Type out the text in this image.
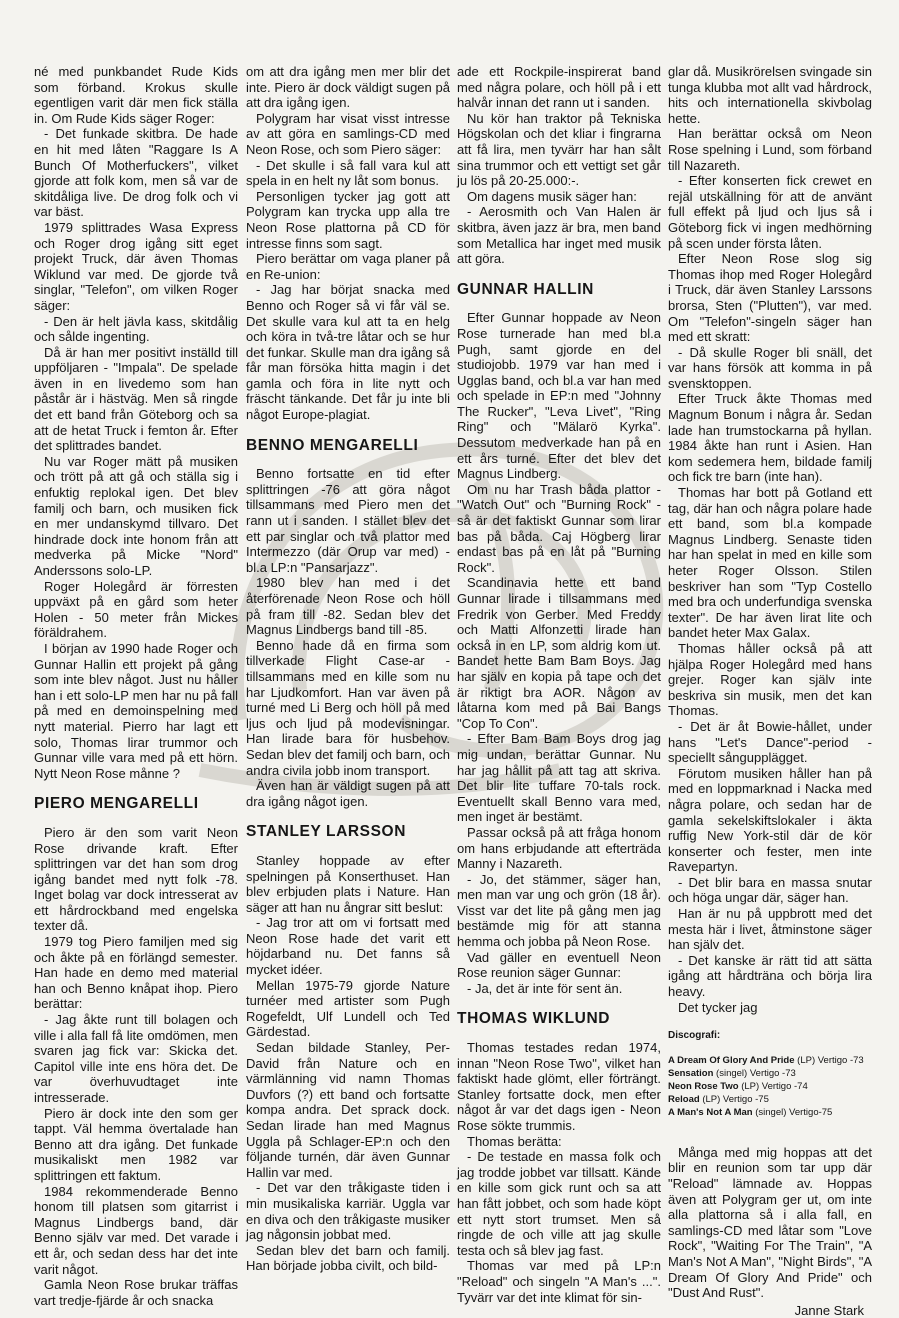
né med punkbandet Rude Kids som förband. Krokus skulle egentligen varit där men fick ställa in. Om Rude Kids säger Roger:

- Det funkade skitbra. De hade en hit med låten "Raggare Is A Bunch Of Motherfuckers", vilket gjorde att folk kom, men så var de skitdåliga live. De drog folk och vi var bäst.

1979 splittrades Wasa Express och Roger drog igång sitt eget projekt Truck, där även Thomas Wiklund var med. De gjorde två singlar, "Telefon", om vilken Roger säger:

- Den är helt jävla kass, skitdålig och sålde ingenting.

Då är han mer positivt inställd till uppföljaren - "Impala". De spelade även in en livedemo som han påstår är i hästväg. Men så ringde det ett band från Göteborg och sa att de hetat Truck i femton år. Efter det splittrades bandet.

Nu var Roger mätt på musiken och trött på att gå och ställa sig i enfuktig replokal igen. Det blev familj och barn, och musiken fick en mer undanskymd tillvaro. Det hindrade dock inte honom från att medverka på Micke "Nord" Anderssons solo-LP.

Roger Holegård är förresten uppväxt på en gård som heter Holen - 50 meter från Mickes föräldrahem.

I början av 1990 hade Roger och Gunnar Hallin ett projekt på gång som inte blev något. Just nu håller han i ett solo-LP men har nu på fall på med en demoinspelning med nytt material. Pierro har lagt ett solo, Thomas lirar trummor och Gunnar ville vara med på ett hörn. Nytt Neon Rose månne ?

PIERO MENGARELLI

Piero är den som varit Neon Rose drivande kraft. Efter splittringen var det han som drog igång bandet med nytt folk -78. Inget bolag var dock intresserat av ett hårdrockband med engelska texter då.

1979 tog Piero familjen med sig och åkte på en förlängd semester. Han hade en demo med material han och Benno knåpat ihop. Piero berättar:

- Jag åkte runt till bolagen och ville i alla fall få lite omdömen, men svaren jag fick var: Skicka det. Capitol ville inte ens höra det. De var överhuvudtaget inte intresserade.

Piero är dock inte den som ger tappt. Väl hemma övertalade han Benno att dra igång. Det funkade musikaliskt men 1982 var splittringen ett faktum.

1984 rekommenderade Benno honom till platsen som gitarrist i Magnus Lindbergs band, där Benno själv var med. Det varade i ett år, och sedan dess har det inte varit något.

Gamla Neon Rose brukar träffas vart tredje-fjärde år och snacka

om att dra igång men mer blir det inte. Piero är dock väldigt sugen på att dra igång igen.

Polygram har visat visst intresse av att göra en samlings-CD med Neon Rose, och som Piero säger:

- Det skulle i så fall vara kul att spela in en helt ny låt som bonus.

Personligen tycker jag gott att Polygram kan trycka upp alla tre Neon Rose plattorna på CD för intresse finns som sagt.

Piero berättar om vaga planer på en Re-union:

- Jag har börjat snacka med Benno och Roger så vi får väl se. Det skulle vara kul att ta en helg och köra in två-tre låtar och se hur det funkar. Skulle man dra igång så får man försöka hitta magin i det gamla och föra in lite nytt och fräscht tänkande. Det får ju inte bli något Europe-plagiat.

BENNO MENGARELLI

Benno fortsatte en tid efter splittringen -76 att göra något tillsammans med Piero men det rann ut i sanden. I stället blev det ett par singlar och två plattor med Intermezzo (där Orup var med) - bl.a LP:n "Pansarjazz".

1980 blev han med i det återförenade Neon Rose och höll på fram till -82. Sedan blev det Magnus Lindbergs band till -85.

Benno hade då en firma som tillverkade Flight Case-ar - tillsammans med en kille som nu har Ljudkomfort. Han var även på turné med Li Berg och höll på med ljus och ljud på modevisningar. Han lirade bara för husbehov. Sedan blev det familj och barn, och andra civila jobb inom transport.

Även han är väldigt sugen på att dra igång något igen.

STANLEY LARSSON

Stanley hoppade av efter spelningen på Konserthuset. Han blev erbjuden plats i Nature. Han säger att han nu ångrar sitt beslut:

- Jag tror att om vi fortsatt med Neon Rose hade det varit ett höjdarband nu. Det fanns så mycket idéer.

Mellan 1975-79 gjorde Nature turnéer med artister som Pugh Rogefeldt, Ulf Lundell och Ted Gärdestad.

Sedan bildade Stanley, Per-David från Nature och en värmlänning vid namn Thomas Duvfors (?) ett band och fortsatte kompa andra. Det sprack dock. Sedan lirade han med Magnus Uggla på Schlager-EP:n och den följande turnén, där även Gunnar Hallin var med.

- Det var den tråkigaste tiden i min musikaliska karriär. Uggla var en diva och den tråkigaste musiker jag någonsin jobbat med.

Sedan blev det barn och familj. Han började jobba civilt, och bild-

ade ett Rockpile-inspirerat band med några polare, och höll på i ett halvår innan det rann ut i sanden.

Nu kör han traktor på Tekniska Högskolan och det kliar i fingrarna att få lira, men tyvärr har han sålt sina trummor och ett vettigt set går ju lös på 20-25.000:-.

Om dagens musik säger han:

- Aerosmith och Van Halen är skitbra, även jazz är bra, men band som Metallica har inget med musik att göra.

GUNNAR HALLIN

Efter Gunnar hoppade av Neon Rose turnerade han med bl.a Pugh, samt gjorde en del studiojobb. 1979 var han med i Ugglas band, och bl.a var han med och spelade in EP:n med "Johnny The Rucker", "Leva Livet", "Ring Ring" och "Mälarö Kyrka". Dessutom medverkade han på en ett års turné. Efter det blev det Magnus Lindberg.

Om nu har Trash båda plattor - "Watch Out" och "Burning Rock" - så är det faktiskt Gunnar som lirar bas på båda. Caj Högberg lirar endast bas på en låt på "Burning Rock".

Scandinavia hette ett band Gunnar lirade i tillsammans med Fredrik von Gerber. Med Freddy och Matti Alfonzetti lirade han också in en LP, som aldrig kom ut. Bandet hette Bam Bam Boys. Jag har själv en kopia på tape och det är riktigt bra AOR. Någon av låtarna kom med på Bai Bangs "Cop To Con".

- Efter Bam Bam Boys drog jag mig undan, berättar Gunnar. Nu har jag hållit på att tag att skriva. Det blir lite tuffare 70-tals rock. Eventuellt skall Benno vara med, men inget är bestämt.

Passar också på att fråga honom om hans erbjudande att efterträda Manny i Nazareth.

- Jo, det stämmer, säger han, men man var ung och grön (18 år). Visst var det lite på gång men jag bestämde mig för att stanna hemma och jobba på Neon Rose.

Vad gäller en eventuell Neon Rose reunion säger Gunnar:

- Ja, det är inte för sent än.

THOMAS WIKLUND

Thomas testades redan 1974, innan "Neon Rose Two", vilket han faktiskt hade glömt, eller förträngt. Stanley fortsatte dock, men efter något år var det dags igen - Neon Rose sökte trummis.

Thomas berätta:

- De testade en massa folk och jag trodde jobbet var tillsatt. Kände en kille som gick runt och sa att han fått jobbet, och som hade köpt ett nytt stort trumset. Men så ringde de och ville att jag skulle testa och så blev jag fast.

Thomas var med på LP:n "Reload" och singeln "A Man's ...". Tyvärr var det inte klimat för sin-

glar då. Musikrörelsen svingade sin tunga klubba mot allt vad hårdrock, hits och internationella skivbolag hette.

Han berättar också om Neon Rose spelning i Lund, som förband till Nazareth.

- Efter konserten fick crewet en rejäl utskällning för att de använt full effekt på ljud och ljus så i Göteborg fick vi ingen medhörning på scen under första låten.

Efter Neon Rose slog sig Thomas ihop med Roger Holegård i Truck, där även Stanley Larssons brorsa, Sten ("Plutten"), var med. Om "Telefon"-singeln säger han med ett skratt:

- Då skulle Roger bli snäll, det var hans försök att komma in på svensktoppen.

Efter Truck åkte Thomas med Magnum Bonum i några år. Sedan lade han trumstockarna på hyllan. 1984 åkte han runt i Asien. Han kom sedemera hem, bildade familj och fick tre barn (inte han).

Thomas har bott på Gotland ett tag, där han och några polare hade ett band, som bl.a kompade Magnus Lindberg. Senaste tiden har han spelat in med en kille som heter Roger Olsson. Stilen beskriver han som "Typ Costello med bra och underfundiga svenska texter". De har även lirat lite och bandet heter Max Galax.

Thomas håller också på att hjälpa Roger Holegård med hans grejer. Roger kan själv inte beskriva sin musik, men det kan Thomas.

- Det är åt Bowie-hållet, under hans "Let's Dance"-period - speciellt sångupplägget.

Förutom musiken håller han på med en loppmarknad i Nacka med några polare, och sedan har de gamla sekelskiftslokaler i äkta ruffig New York-stil där de kör konserter och fester, men inte Ravepartyn.

- Det blir bara en massa snutar och höga ungar där, säger han.

Han är nu på uppbrott med det mesta här i livet, åtminstone säger han själv det.

- Det kanske är rätt tid att sätta igång att hårdträna och börja lira heavy.

Det tycker jag

Discografi:
A Dream Of Glory And Pride (LP) Vertigo -73
Sensation (singel) Vertigo -73
Neon Rose Two (LP) Vertigo -74
Reload (LP) Vertigo -75
A Man's Not A Man (singel) Vertigo-75

Många med mig hoppas att det blir en reunion som tar upp där "Reload" lämnade av. Hoppas även att Polygram ger ut, om inte alla plattorna så i alla fall, en samlings-CD med låtar som "Love Rock", "Waiting For The Train", "A Man's Not A Man", "Night Birds", "A Dream Of Glory And Pride" och "Dust And Rust".

Janne Stark
